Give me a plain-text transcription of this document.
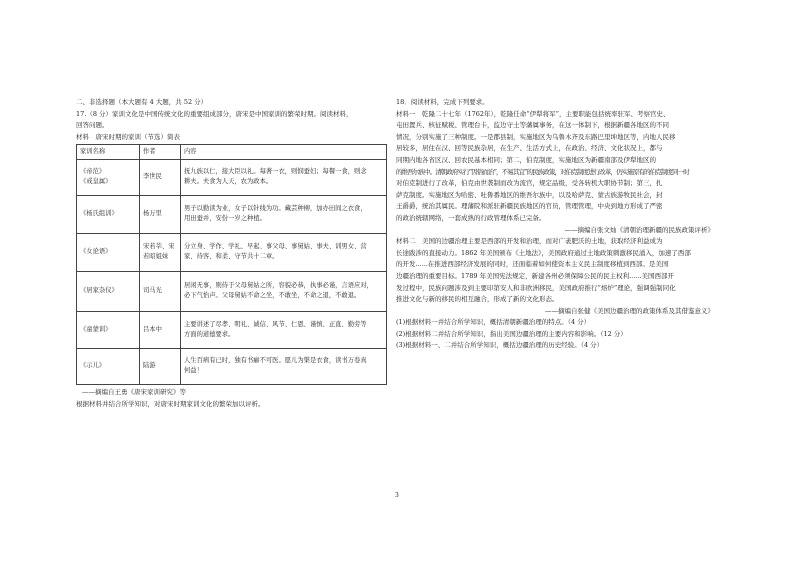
二、非选择题（本大题有 4 大题，共 52 分）
17.（8 分）家训文化是中国传统文化的重要组成部分，唐宋是中国家训的繁荣时期。阅读材料，
回答问题。
材料　唐宋时期的家训（节选）简表
家训名称	作者	内容

《帝范》
《戒皇属》	李世民	抚九族以仁，接大臣以礼。每著一衣，则悯蚕妇；每餐一食，则念
耕夫。夫食为人天，农为政本。

《杨氏组训》	杨万里	男子以勤读为业，女子以针线为功。藏芸种柳，加办田间之衣食，
用田蚕并，安份一岁之种植。

《女论语》	宋若莘、宋
若昭姐妹	分立身、学作、学礼、早起、事父母、事舅姑、事夫、训男女、营
家、待客、和柔、守节共十二章。

《居家杂仪》	司马光	居闲无事，则侍于父母舅姑之所，容貌必恭，执事必谨，言语应对，
必下气怡声。父母舅姑不命之坐，不敢坐，不命之退，不敢退。

《童蒙训》	吕本中	主要讲述了尽孝、明礼、诚信、风节、仁恩、谨慎、正直、勤劳等
方面的道德要求。

《示儿》	陆游	人生百病有已时，独有书癖不可医。愿儿为槃是衣食，读书万卷真
何益！
——摘编自王勇《唐宋家训研究》等
根据材料并结合所学知识，对唐宋时期家训文化的繁荣加以评析。
18．阅读材料，完成下列要求。
材料一　乾隆二十七年（1762年），乾隆任命“伊犁将军”，主要职能包括统率驻军、考察官史、
屯田置兵、核征赋税、管理台卡，监边守土等藩属事务，在这一体制下，根据新疆各地区的不同
情况，分别实施了三种制度。一是郡县制，实施地区为乌鲁木齐及东路巴里坤地区等，内地人民移
居较多，居住在汉、回等民族杂居，在生产、生活方式上，在政治、经济、文化状况上，都与
同期内地各省区汉、回农民基本相同；第二，伯克制度，实施地区为新疆南部及伊犁地区的
的维吾尔族中。清朝政府实行“因俗而治”，不易其宜”的民族政策，对伯克制度进行改革，仍实施原有的伯克制度同一时
对伯克制进行了改革，伯克由世袭制而改为流官，规定品级，受各转机大职协节制；第三，扎
萨克制度。实施地区为哈密、吐鲁番地区的维吾尔族中，以及哈萨克、蒙古族游牧民社会，封
王爵爵，统治其属民。理藩院和派驻新疆民族地区的官员，管理管理，中央到地方形成了严密
的政治统辖网络，一套成熟的行政管理体系已完备。
——摘编自张文灿《清朝治理新疆的民族政策评析》
材料二　美国的边疆治理主要是西部的开发和治理，而对广袤肥沃的土地，获取经济利益成为
长途跋涉的直接动力。1862 年美国颁布《土地法》，美国政府通过土地政策刺激移民涌入，加速了西部
的开发......在推进西部经济发展的同时，还面临着如何使资本主义民主制度移植到西部。是美国
边疆治理的重要目标。1789 年美国宪法规定，新建各州必须保障公民的民主权利......美国西部开
发过程中，民族问题涉及到主要印第安人和非欧洲移民，美国政府推行“熔炉”理论，强调强制同化
推进文化与新的移民的相互融合，形成了新的文化形态。
——摘编自张健《美国边疆治理的政策体系及其借鉴意义》
(1)根据材料一并结合所学知识，概括清朝新疆治理的特点。（4 分）
(2)根据材料二并结合所学知识，指出美国边疆治理的主要内容和影响。（12 分）
(3)根据材料一、二并结合所学知识，概括边疆治理的历史经验。（4 分）
3
